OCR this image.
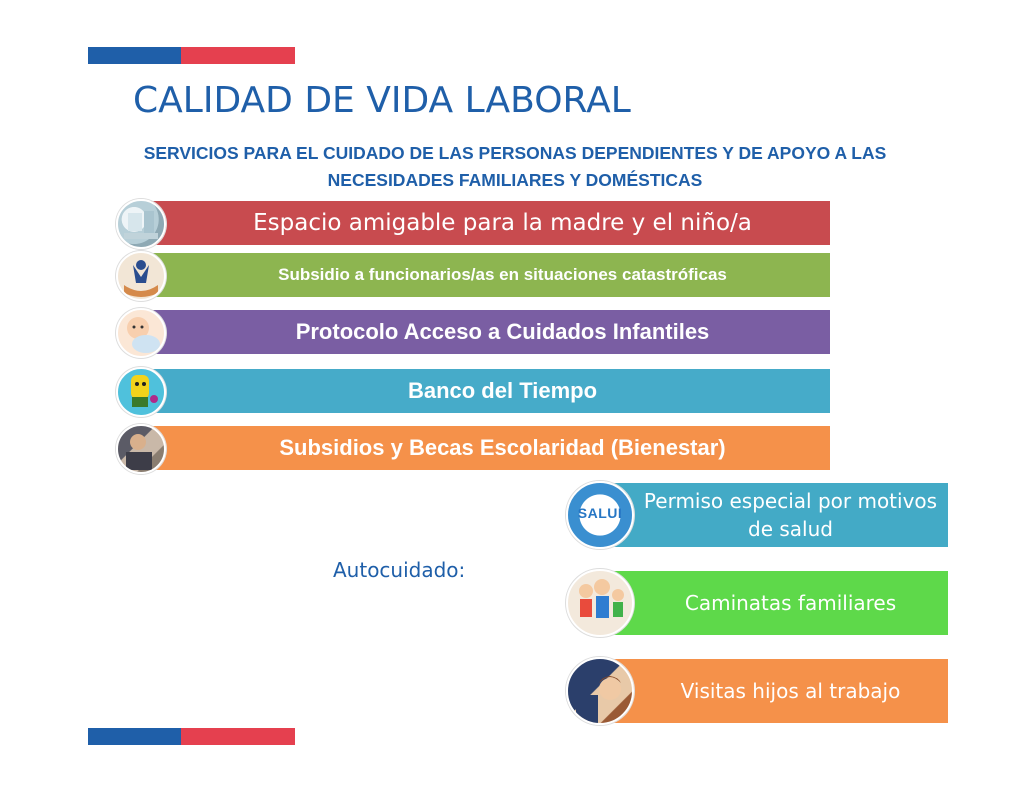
CALIDAD DE VIDA LABORAL
SERVICIOS PARA EL CUIDADO DE LAS PERSONAS DEPENDIENTES Y DE APOYO A LAS NECESIDADES FAMILIARES Y DOMÉSTICAS
Espacio amigable para la madre y el niño/a
Subsidio a funcionarios/as en situaciones catastróficas
Protocolo Acceso a Cuidados Infantiles
Banco del Tiempo
Subsidios y Becas Escolaridad (Bienestar)
Autocuidado:
Permiso especial por motivos de salud
Caminatas familiares
Visitas hijos al trabajo
SALUI
